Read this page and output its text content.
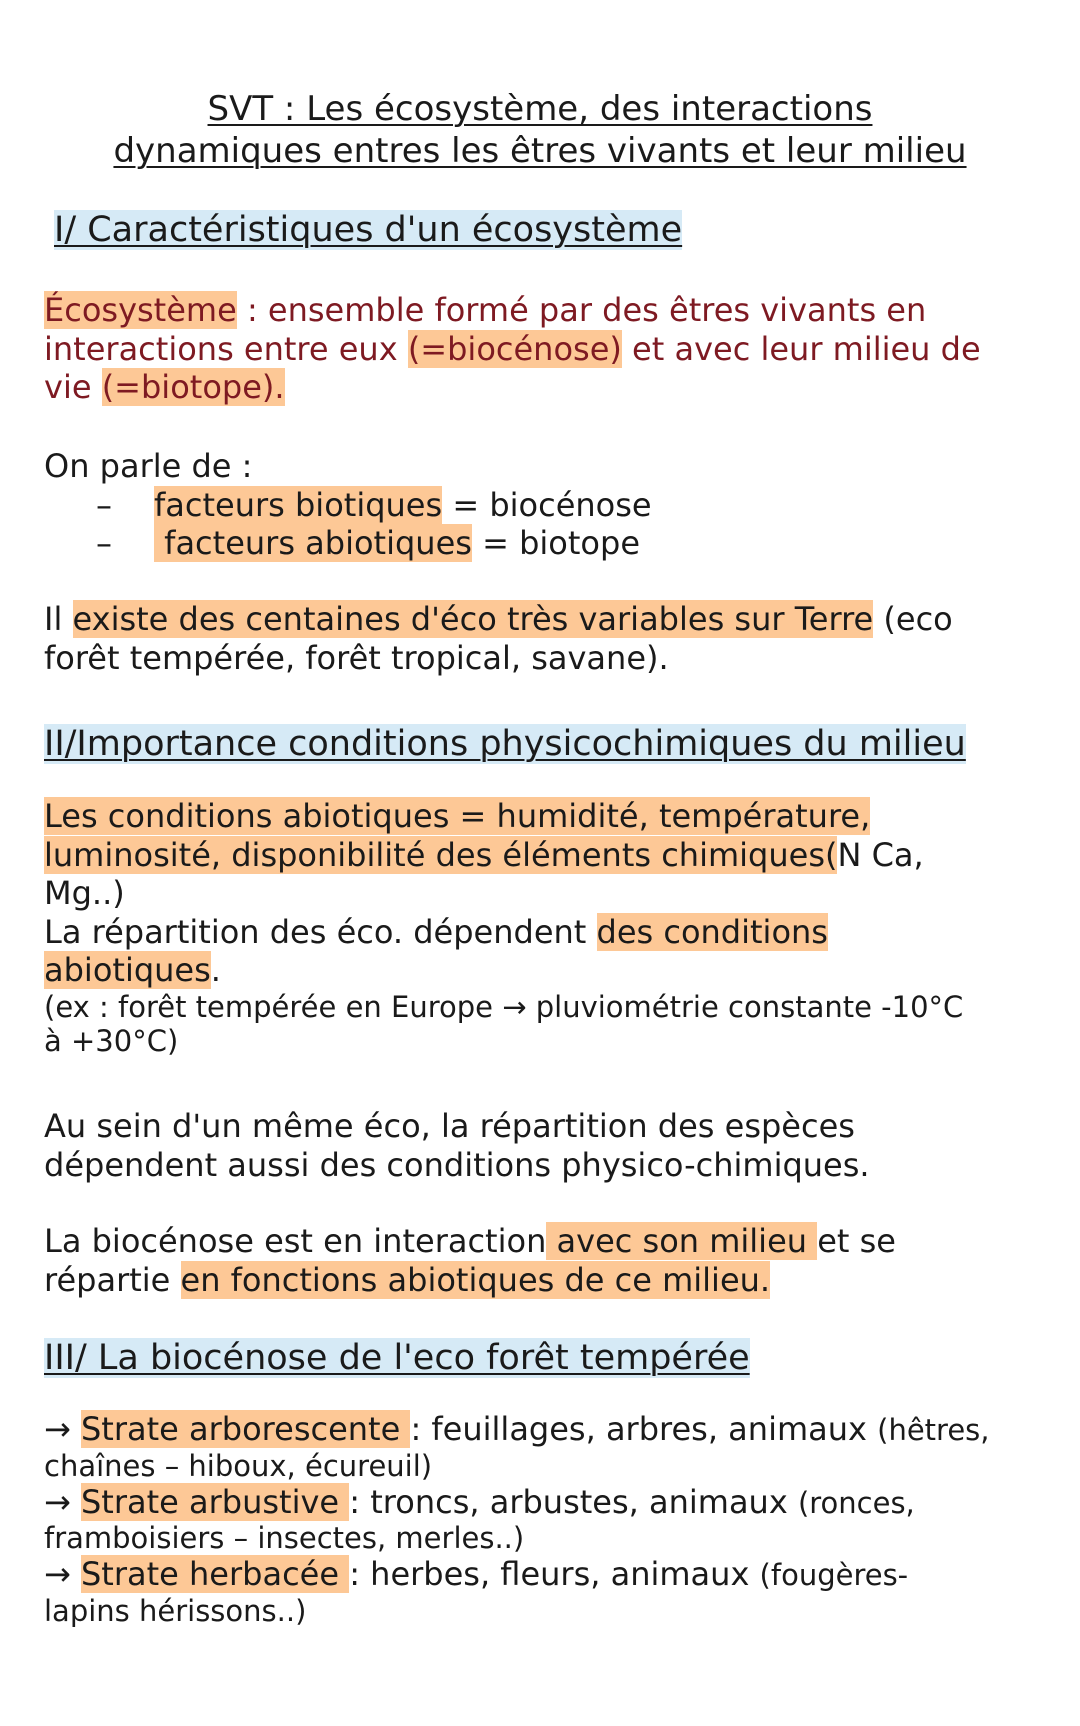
SVT : Les écosystème, des interactions
dynamiques entres les êtres vivants et leur milieu
I/ Caractéristiques d'un écosystème
Écosystème : ensemble formé par des êtres vivants en
interactions entre eux (=biocénose) et avec leur milieu de
vie (=biotope).
On parle de :
– facteurs biotiques = biocénose
– facteurs abiotiques = biotope
Il existe des centaines d'éco très variables sur Terre (eco
forêt tempérée, forêt tropical, savane).
II/Importance conditions physicochimiques du milieu
Les conditions abiotiques = humidité, température,
luminosité, disponibilité des éléments chimiques(N Ca,
Mg..)
La répartition des éco. dépendent des conditions
abiotiques.
(ex : forêt tempérée en Europe → pluviométrie constante -10°C
à +30°C)
Au sein d'un même éco, la répartition des espèces
dépendent aussi des conditions physico-chimiques.
La biocénose est en interaction avec son milieu et se
répartie en fonctions abiotiques de ce milieu.
III/ La biocénose de l'eco forêt tempérée
→ Strate arborescente : feuillages, arbres, animaux (hêtres,
chaînes – hiboux, écureuil)
→ Strate arbustive : troncs, arbustes, animaux (ronces,
framboisiers – insectes, merles..)
→ Strate herbacée : herbes, fleurs, animaux (fougères-
lapins hérissons..)
